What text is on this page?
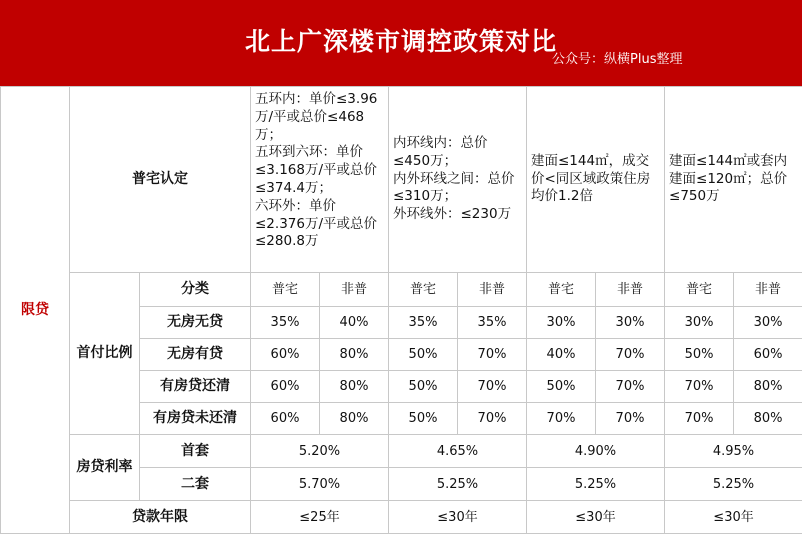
北上广深楼市调控政策对比
公众号：纵横Plus整理
限贷	普宅认定		五环内：单价≤3.96万/平或总价≤468万；
五环到六环：单价≤3.168万/平或总价≤374.4万；
六环外：单价≤2.376万/平或总价≤280.8万		内环线内：总价≤450万；
内外环线之间：总价≤310万；
外环线外：≤230万		建面≤144㎡，成交价<同区域政策住房均价1.2倍		建面≤144㎡或套内建面≤120㎡；总价≤750万	

	首付比例	分类	普宅	非普	普宅	非普	普宅	非普	普宅	非普
		无房无贷	35%	40%	35%	35%	30%	30%	30%	30%
		无房有贷	60%	80%	50%	70%	40%	70%	50%	60%
		有房贷还清	60%	80%	50%	70%	50%	70%	70%	80%
		有房贷未还清	60%	80%	50%	70%	70%	70%	70%	80%
	房贷利率	首套	5.20%		4.65%		4.90%		4.95%	
		二套	5.70%		5.25%		5.25%		5.25%	
	贷款年限		≤25年		≤30年		≤30年		≤30年	
